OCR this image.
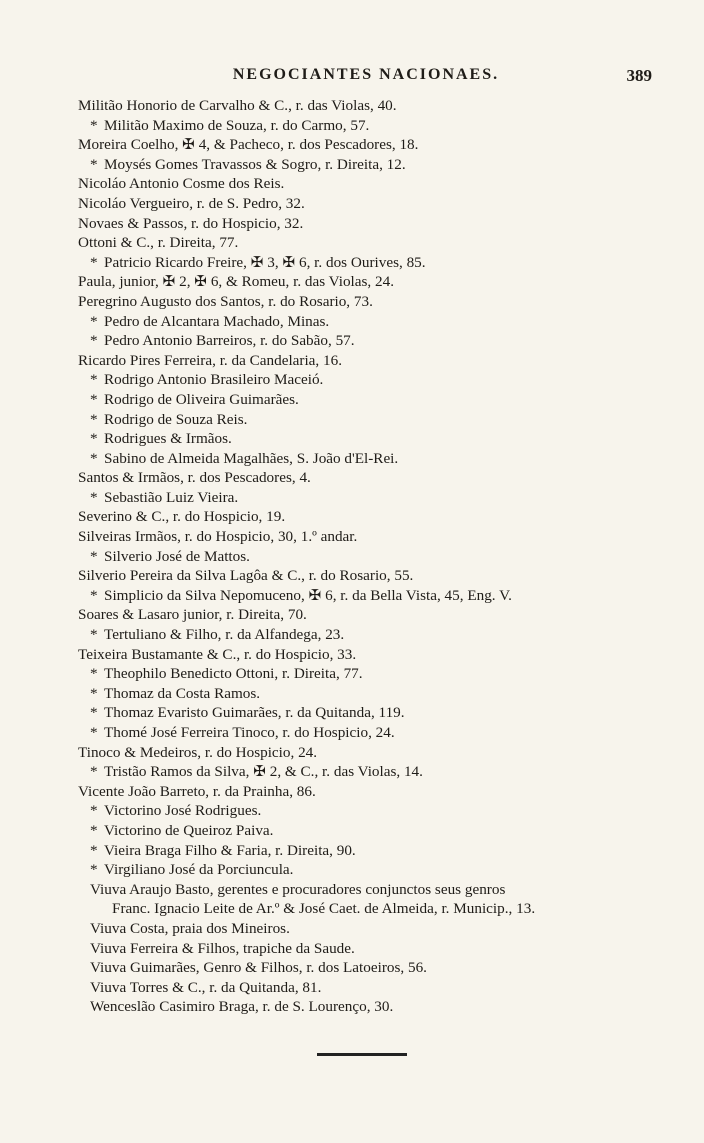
NEGOCIANTES NACIONAES.	389
Militão Honorio de Carvalho & C., r. das Violas, 40.
* Militão Maximo de Souza, r. do Carmo, 57.
Moreira Coelho, ✠ 4, & Pacheco, r. dos Pescadores, 18.
* Moysés Gomes Travassos & Sogro, r. Direita, 12.
Nicoláo Antonio Cosme dos Reis.
Nicoláo Vergueiro, r. de S. Pedro, 32.
Novaes & Passos, r. do Hospicio, 32.
Ottoni & C., r. Direita, 77.
* Patricio Ricardo Freire, ✠ 3, ✠ 6, r. dos Ourives, 85.
Paula, junior, ✠ 2, ✠ 6, & Romeu, r. das Violas, 24.
Peregrino Augusto dos Santos, r. do Rosario, 73.
* Pedro de Alcantara Machado, Minas.
* Pedro Antonio Barreiros, r. do Sabão, 57.
Ricardo Pires Ferreira, r. da Candelaria, 16.
* Rodrigo Antonio Brasileiro Maceió.
* Rodrigo de Oliveira Guimarães.
* Rodrigo de Souza Reis.
* Rodrigues & Irmãos.
* Sabino de Almeida Magalhães, S. João d'El-Rei.
Santos & Irmãos, r. dos Pescadores, 4.
* Sebastião Luiz Vieira.
Severino & C., r. do Hospicio, 19.
Silveiras Irmãos, r. do Hospicio, 30, 1.º andar.
* Silverio José de Mattos.
Silverio Pereira da Silva Lagôa & C., r. do Rosario, 55.
* Simplicio da Silva Nepomuceno, ✠ 6, r. da Bella Vista, 45, Eng. V.
Soares & Lasaro junior, r. Direita, 70.
* Tertuliano & Filho, r. da Alfandega, 23.
Teixeira Bustamante & C., r. do Hospicio, 33.
* Theophilo Benedicto Ottoni, r. Direita, 77.
* Thomaz da Costa Ramos.
* Thomaz Evaristo Guimarães, r. da Quitanda, 119.
* Thomé José Ferreira Tinoco, r. do Hospicio, 24.
Tinoco & Medeiros, r. do Hospicio, 24.
* Tristão Ramos da Silva, ✠ 2, & C., r. das Violas, 14.
Vicente João Barreto, r. da Prainha, 86.
* Victorino José Rodrigues.
* Victorino de Queiroz Paiva.
* Vieira Braga Filho & Faria, r. Direita, 90.
* Virgiliano José da Porciuncula.
Viuva Araujo Basto, gerentes e procuradores conjunctos seus genros
Franc. Ignacio Leite de Ar.º & José Caet. de Almeida, r. Municip., 13.
Viuva Costa, praia dos Mineiros.
Viuva Ferreira & Filhos, trapiche da Saude.
Viuva Guimarães, Genro & Filhos, r. dos Latoeiros, 56.
Viuva Torres & C., r. da Quitanda, 81.
Wenceslão Casimiro Braga, r. de S. Lourenço, 30.
